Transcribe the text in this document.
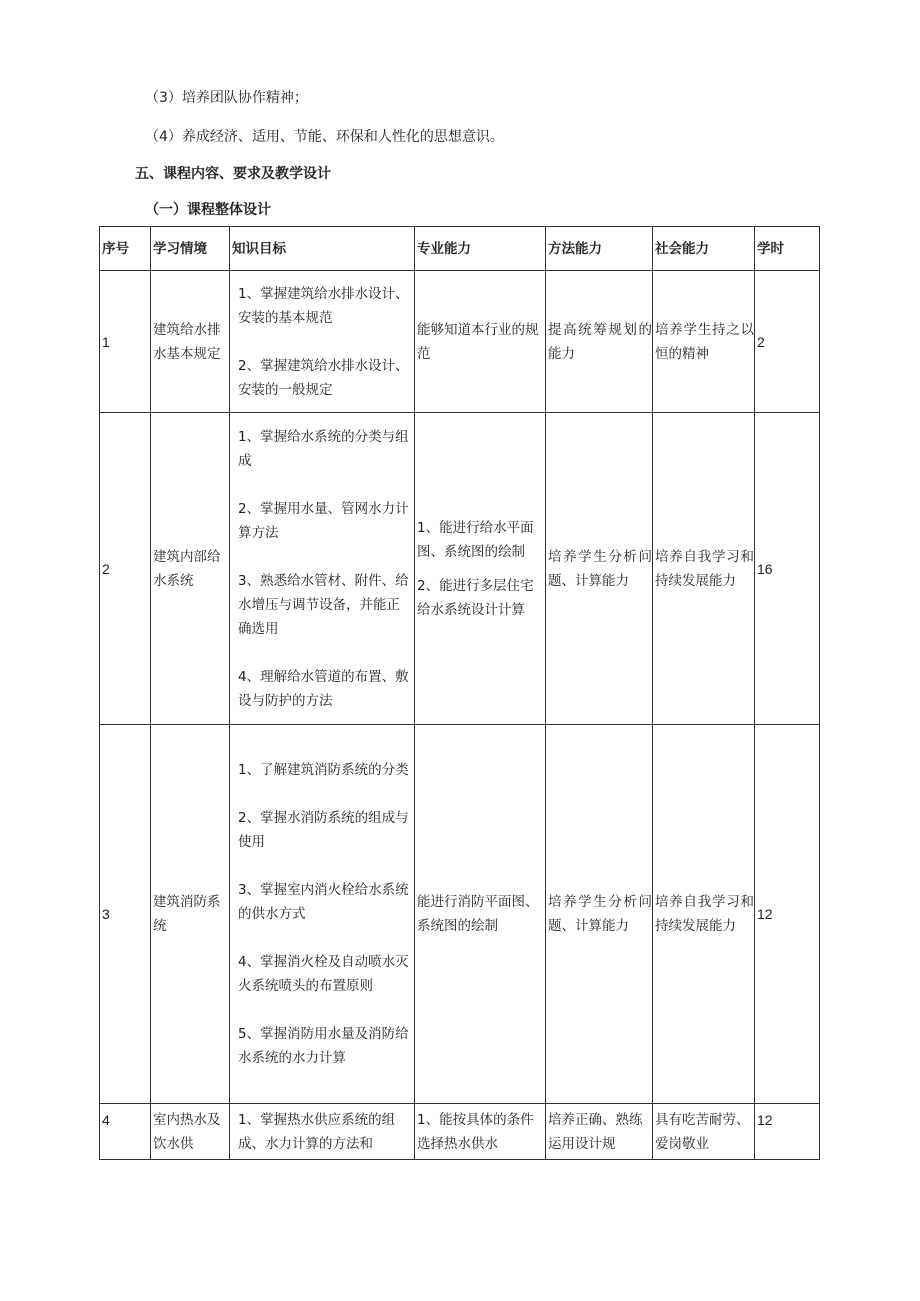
（3）培养团队协作精神；
（4）养成经济、适用、节能、环保和人性化的思想意识。
五、课程内容、要求及教学设计
（一）课程整体设计
序号	学习情境	知识目标	专业能力	方法能力	社会能力	学时
1	建筑给水排水基本规定	1、掌握建筑给水排水设计、安装的基本规范
2、掌握建筑给水排水设计、安装的一般规定	能够知道本行业的规范	提高统筹规划的能力	培养学生持之以恒的精神	2
2	建筑内部给水系统	1、掌握给水系统的分类与组成
2、掌握用水量、管网水力计算方法
3、熟悉给水管材、附件、给水增压与调节设备，并能正确选用
4、理解给水管道的布置、敷设与防护的方法	1、能进行给水平面图、系统图的绘制
2、能进行多层住宅给水系统设计计算	培养学生分析问题、计算能力	培养自我学习和持续发展能力	16
3	建筑消防系统	1、了解建筑消防系统的分类
2、掌握水消防系统的组成与使用
3、掌握室内消火栓给水系统的供水方式
4、掌握消火栓及自动喷水灭火系统喷头的布置原则
5、掌握消防用水量及消防给水系统的水力计算	能进行消防平面图、系统图的绘制	培养学生分析问题、计算能力	培养自我学习和持续发展能力	12
4	室内热水及饮水供	1、掌握热水供应系统的组成、水力计算的方法和	1、能按具体的条件选择热水供水	培养正确、熟练运用设计规	具有吃苦耐劳、爱岗敬业	12
